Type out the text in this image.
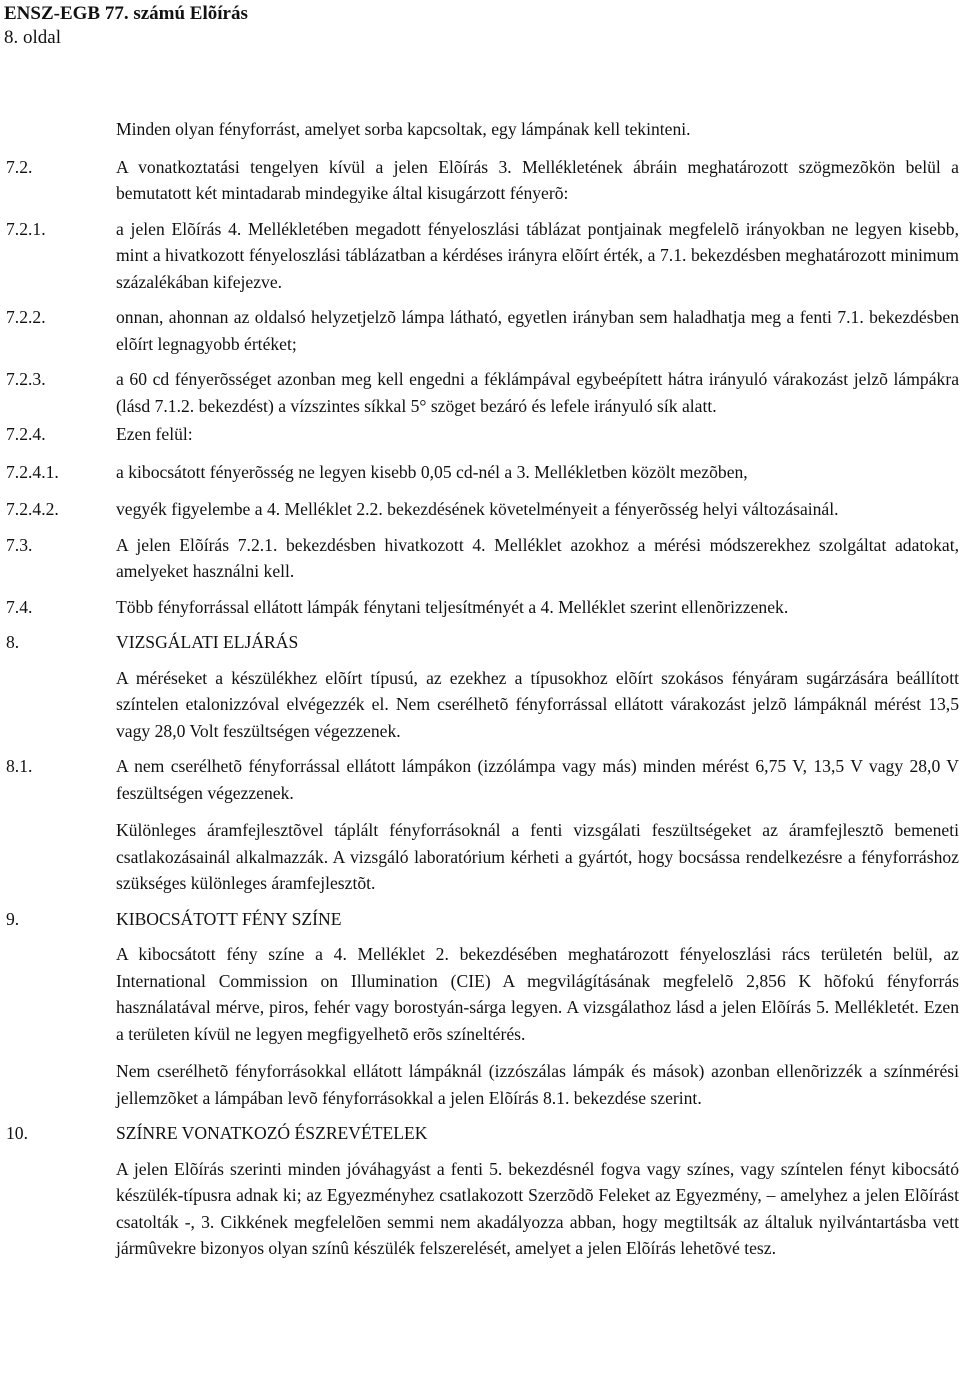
ENSZ-EGB 77. számú Elõírás
8. oldal
Minden olyan fényforrást, amelyet sorba kapcsoltak, egy lámpának kell tekinteni.
7.2.	A vonatkoztatási tengelyen kívül a jelen Elõírás 3. Mellékletének ábráin meghatározott szögmezõkön belül a bemutatott két mintadarab mindegyike által kisugárzott fényerõ:
7.2.1.	a jelen Elõírás 4. Mellékletében megadott fényeloszlási táblázat pontjainak megfelelõ irányokban ne legyen kisebb, mint a hivatkozott fényeloszlási táblázatban a kérdéses irányra elõírt érték, a 7.1. bekezdésben meghatározott minimum százalékában kifejezve.
7.2.2.	onnan, ahonnan az oldalsó helyzetjelzõ lámpa látható, egyetlen irányban sem haladhatja meg a fenti 7.1. bekezdésben elõírt legnagyobb értéket;
7.2.3.	a 60 cd fényerõsséget azonban meg kell engedni a féklámpával egybeépített hátra irányuló várakozást jelzõ lámpákra (lásd 7.1.2. bekezdést) a vízszintes síkkal 5° szöget bezáró és lefele irányuló sík alatt.
7.2.4.	Ezen felül:
7.2.4.1.	a kibocsátott fényerõsség ne legyen kisebb 0,05 cd-nél a 3. Mellékletben közölt mezõben,
7.2.4.2.	vegyék figyelembe a 4. Melléklet 2.2. bekezdésének követelményeit a fényerõsség helyi változásainál.
7.3.	A jelen Elõírás 7.2.1. bekezdésben hivatkozott 4. Melléklet azokhoz a mérési módszerekhez szolgáltat adatokat, amelyeket használni kell.
7.4.	Több fényforrással ellátott lámpák fénytani teljesítményét a 4. Melléklet szerint ellenõrizzenek.
8.	VIZSGÁLATI ELJÁRÁS
A méréseket a készülékhez elõírt típusú, az ezekhez a típusokhoz elõírt szokásos fényáram sugárzására beállított színtelen etalonizzóval elvégezzék el. Nem cserélhetõ fényforrással ellátott várakozást jelzõ lámpáknál mérést 13,5 vagy 28,0 Volt feszültségen végezzenek.
8.1.	A nem cserélhetõ fényforrással ellátott lámpákon (izzólámpa vagy más) minden mérést 6,75 V, 13,5 V vagy 28,0 V feszültségen végezzenek.
Különleges áramfejlesztõvel táplált fényforrásoknál a fenti vizsgálati feszültségeket az áramfejlesztõ bemeneti csatlakozásainál alkalmazzák. A vizsgáló laboratórium kérheti a gyártót, hogy bocsássa rendelkezésre a fényforráshoz szükséges különleges áramfejlesztõt.
9.	KIBOCSÁTOTT FÉNY SZÍNE
A kibocsátott fény színe a 4. Melléklet 2. bekezdésében meghatározott fényeloszlási rács területén belül, az International Commission on Illumination (CIE) A megvilágításának megfelelõ 2,856 K hõfokú fényforrás használatával mérve, piros, fehér vagy borostyán-sárga legyen. A vizsgálathoz lásd a jelen Elõírás 5. Mellékletét. Ezen a területen kívül ne legyen megfigyelhetõ erõs színeltérés.
Nem cserélhetõ fényforrásokkal ellátott lámpáknál (izzószálas lámpák és mások) azonban ellenõrizzék a színmérési jellemzõket a lámpában levõ fényforrásokkal a jelen Elõírás 8.1. bekezdése szerint.
10.	SZÍNRE VONATKOZÓ ÉSZREVÉTELEK
A jelen Elõírás szerinti minden jóváhagyást a fenti 5. bekezdésnél fogva vagy színes, vagy színtelen fényt kibocsátó készülék-típusra adnak ki; az Egyezményhez csatlakozott Szerzõdõ Feleket az Egyezmény, – amelyhez a jelen Elõírást csatolták -, 3. Cikkének megfelelõen semmi nem akadályozza abban, hogy megtiltsák az általuk nyilvántartásba vett jármûvekre bizonyos olyan színû készülék felszerelését, amelyet a jelen Elõírás lehetõvé tesz.
